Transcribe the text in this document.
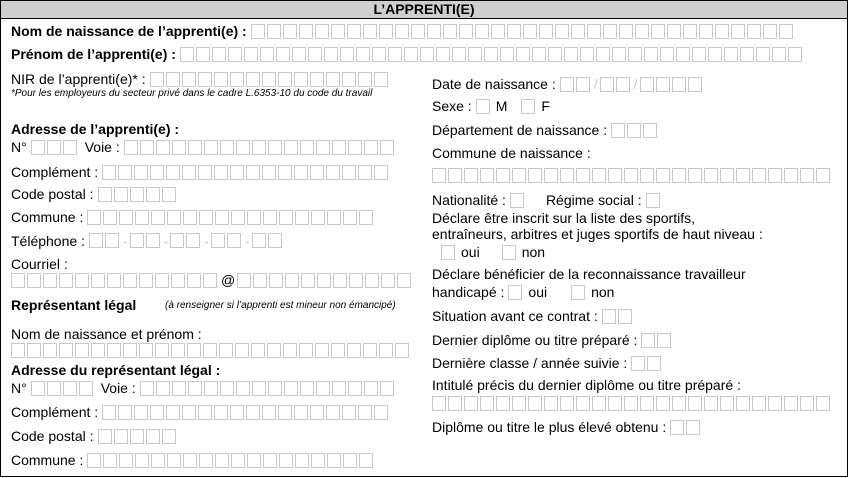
L’APPRENTI(E)
Nom de naissance de l’apprenti(e) :
Prénom de l’apprenti(e) :
NIR de l’apprenti(e)* :
*Pour les employeurs du secteur privé dans le cadre L.6353-10 du code du travail
Adresse de l’apprenti(e) :
N°	Voie :
Complément :
Code postal :
Commune :
Téléphone :	-	-	-	-
Courriel :
@
Représentant légal	(à renseigner si l’apprenti est mineur non émancipé)
Nom de naissance et prénom :
Adresse du représentant légal :
N°	Voie :
Complément :
Code postal :
Commune :
Date de naissance :	/	/
Sexe : M F
Département de naissance :
Commune de naissance :
Nationalité :	Régime social :
Déclare être inscrit sur la liste des sportifs,
entraîneurs, arbitres et juges sportifs de haut niveau :
oui	non
Déclare bénéficier de la reconnaissance travailleur
handicapé : oui	non
Situation avant ce contrat :
Dernier diplôme ou titre préparé :
Dernière classe / année suivie :
Intitulé précis du dernier diplôme ou titre préparé :
Diplôme ou titre le plus élevé obtenu :
